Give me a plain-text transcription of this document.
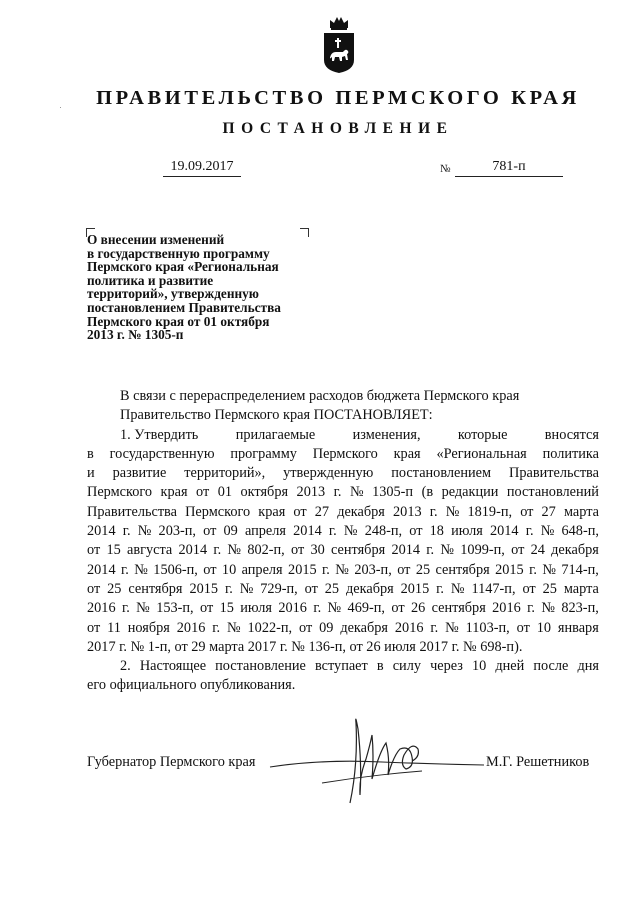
ПРАВИТЕЛЬСТВО ПЕРМСКОГО КРАЯ
ПОСТАНОВЛЕНИЕ
19.09.2017	№	781-п
О внесении изменений
в государственную программу
Пермского края «Региональная
политика и развитие
территорий», утвержденную
постановлением Правительства
Пермского края от 01 октября
2013 г. № 1305-п
В связи с перераспределением расходов бюджета Пермского края
Правительство Пермского края ПОСТАНОВЛЯЕТ:
1. Утвердить	прилагаемые	изменения,	которые	вносятся
в государственную программу Пермского края «Региональная политика
и развитие территорий», утвержденную постановлением Правительства
Пермского края от 01 октября 2013 г. № 1305-п (в редакции постановлений
Правительства Пермского края от 27 декабря 2013 г. № 1819-п, от 27 марта
2014 г. № 203-п, от 09 апреля 2014 г. № 248-п, от 18 июля 2014 г. № 648-п,
от 15 августа 2014 г. № 802-п, от 30 сентября 2014 г. № 1099-п, от 24 декабря
2014 г. № 1506-п, от 10 апреля 2015 г. № 203-п, от 25 сентября 2015 г. № 714-п,
от 25 сентября 2015 г. № 729-п, от 25 декабря 2015 г. № 1147-п, от 25 марта
2016 г. № 153-п, от 15 июля 2016 г. № 469-п, от 26 сентября 2016 г. № 823-п,
от 11 ноября 2016 г. № 1022-п, от 09 декабря 2016 г. № 1103-п, от 10 января
2017 г. № 1-п, от 29 марта 2017 г. № 136-п, от 26 июля 2017 г. № 698-п).
2. Настоящее постановление вступает в силу через 10 дней после дня
его официального опубликования.
Губернатор Пермского края	М.Г. Решетников
